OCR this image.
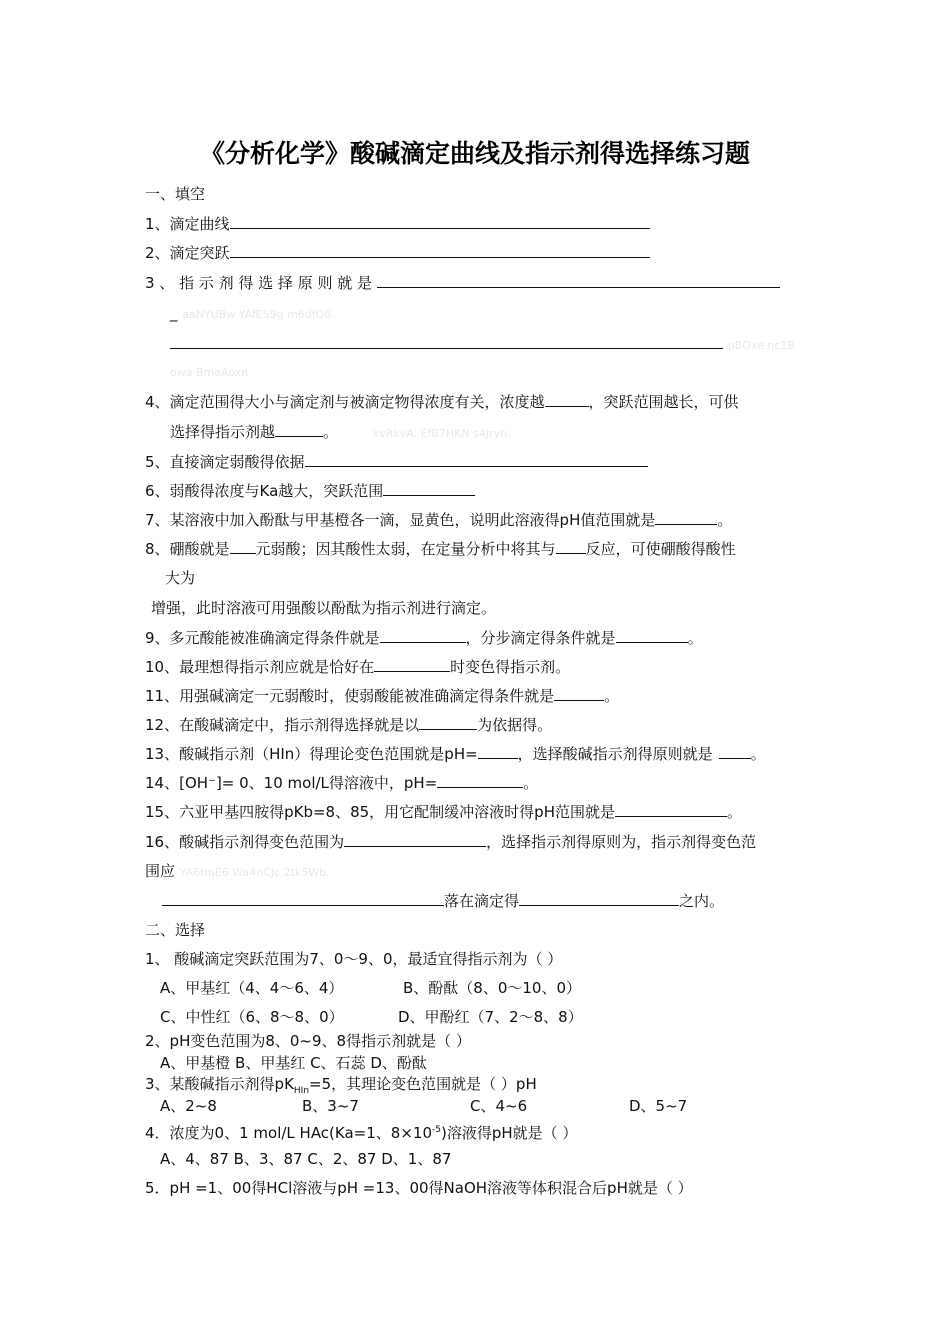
《分析化学》酸碱滴定曲线及指示剂得选择练习题
一、填空
1、滴定曲线
2、滴定突跃
3 、 指 示 剂 得 选 择 原 则 就 是
_ aaNYUBw YAfES9g m6dfQ6.
pBQxe nc1B
owa BmeAoxn.
4、滴定范围得大小与滴定剂与被滴定物得浓度有关，浓度越	，突跃范围越长，可供
选择得指示剂越	。	kvRkvA. EfB7HKN s4Jryh.
5、直接滴定弱酸得依据
6、弱酸得浓度与Ka越大，突跃范围
7、某溶液中加入酚酞与甲基橙各一滴，显黄色，说明此溶液得pH值范围就是	。
8、硼酸就是 元弱酸；因其酸性太弱，在定量分析中将其与 反应，可使硼酸得酸性
大为
增强，此时溶液可用强酸以酚酞为指示剂进行滴定。
9、多元酸能被准确滴定得条件就是	，分步滴定得条件就是	。
10、最理想得指示剂应就是恰好在	时变色得指示剂。
11、用强碱滴定一元弱酸时，使弱酸能被准确滴定得条件就是	。
12、在酸碱滴定中，指示剂得选择就是以	为依据得。
13、酸碱指示剂（HIn）得理论变色范围就是pH=	，选择酸碱指示剂得原则就是	。
14、[OH⁻]= 0、10 mol/L得溶液中，pH=	。
15、六亚甲基四胺得pKb=8、85，用它配制缓冲溶液时得pH范围就是	。
16、酸碱指示剂得变色范围为	，选择指示剂得原则为，指示剂得变色范
围应 YA6fmE6 Wa4nCJc 2tk5Wb.
落在滴定得	之内。
二、选择
1、 酸碱滴定突跃范围为7、0～9、0，最适宜得指示剂为（ ）
A、甲基红（4、4～6、4）	B、酚酞（8、0～10、0）
C、中性红（6、8～8、0）	D、甲酚红（7、2～8、8）
2、pH变色范围为8、0~9、8得指示剂就是（ ）
A、甲基橙 B、甲基红 C、石蕊 D、酚酞
3、某酸碱指示剂得$pK_{HIn}=5$，其理论变色范围就是（ ）pH
A、2~8	B、3~7	C、4~6	D、5~7
4．浓度为0、1 mol/L HAc(Ka=1、$8\times 10^{-5}$)溶液得pH就是（ ）
A、4、87 B、3、87 C、2、87 D、1、87
5．pH =1、00得HCl溶液与pH =13、00得NaOH溶液等体积混合后pH就是（ ）
